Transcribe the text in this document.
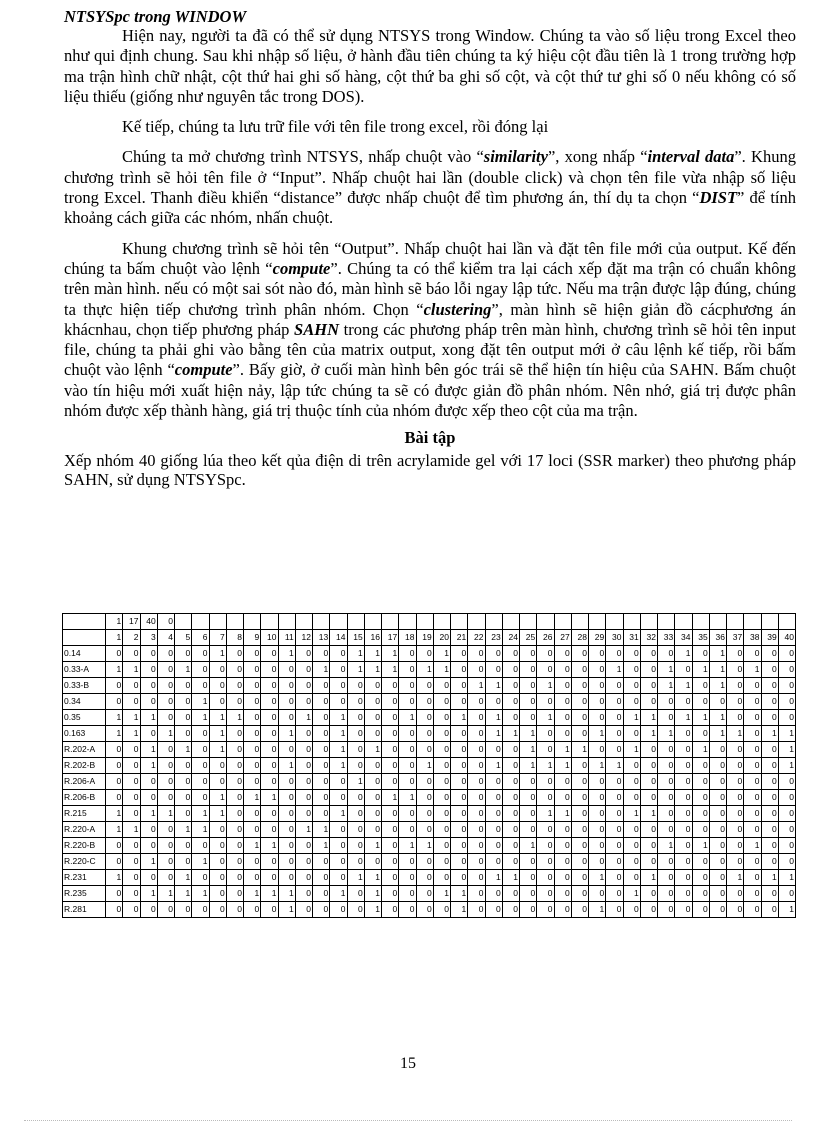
NTSYSpc trong WINDOW

Hiện nay, người ta đã có thể sử dụng NTSYS trong Window. Chúng ta vào số liệu trong Excel theo như qui định chung. Sau khi nhập số liệu, ở hành đầu tiên chúng ta ký hiệu cột đầu tiên là 1 trong trường hợp ma trận hình chữ nhật, cột thứ hai ghi số hàng, cột thứ ba ghi số cột, và cột thứ tư ghi số 0 nếu không có số liệu thiếu (giống như nguyên tắc trong DOS).

Kế tiếp, chúng ta lưu trữ file với tên file trong excel, rồi đóng lại

Chúng ta mở chương trình NTSYS, nhấp chuột vào “similarity”, xong nhấp “interval data”. Khung chương trình sẽ hỏi tên file ở “Input”. Nhấp chuột hai lần (double click) và chọn tên file vừa nhập số liệu trong Excel. Thanh điều khiển “distance” được nhấp chuột để tìm phương án, thí dụ ta chọn “DIST” để tính khoảng cách giữa các nhóm, nhấn chuột.

Khung chương trình sẽ hỏi tên “Output”. Nhấp chuột hai lần và đặt tên file mới của output. Kế đến chúng ta bấm chuột vào lệnh “compute”. Chúng ta có thể kiểm tra lại cách xếp đặt ma trận có chuẩn không trên màn hình. nếu có một sai sót nào đó, màn hình sẽ báo lỗi ngay lập tức. Nếu ma trận được lập đúng, chúng ta thực hiện tiếp chương trình phân nhóm. Chọn “clustering”, màn hình sẽ hiện giản đồ cácphương án khácnhau, chọn tiếp phương pháp SAHN trong các phương pháp trên màn hình, chương trình sẽ hỏi tên input file, chúng ta phải ghi vào bằng tên của matrix output, xong đặt tên output mới ở câu lệnh kế tiếp, rồi bấm chuột vào lệnh “compute”. Bấy giờ, ở cuối màn hình bên góc trái sẽ thể hiện tín hiệu của SAHN. Bấm chuột vào tín hiệu mới xuất hiện nảy, lập tức chúng ta sẽ có được giản đồ phân nhóm. Nên nhớ, giá trị được phân nhóm được xếp thành hàng, giá trị thuộc tính của nhóm được xếp theo cột của ma trận.

Bài tập

Xếp nhóm 40 giống lúa theo kết qủa điện di trên acrylamide gel với 17 loci (SSR marker) theo phương pháp SAHN, sử dụng NTSYSpc.

	1	17	40	0																																				
	1	2	3	4	5	6	7	8	9	10	11	12	13	14	15	16	17	18	19	20	21	22	23	24	25	26	27	28	29	30	31	32	33	34	35	36	37	38	39	40
0.14	0	0	0	0	0	0	1	0	0	0	1	0	0	0	1	1	1	0	0	1	0	0	0	0	0	0	0	0	0	0	0	0	0	1	0	1	0	0	0	0
0.33-A	1	1	0	0	1	0	0	0	0	0	0	0	1	0	1	1	1	0	1	1	0	0	0	0	0	0	0	0	0	1	0	0	1	0	1	1	0	1	0	0
0.33-B	0	0	0	0	0	0	0	0	0	0	0	0	0	0	0	0	0	0	0	0	0	1	1	0	0	1	0	0	0	0	0	0	1	1	0	1	0	0	0	0
0.34	0	0	0	0	0	1	0	0	0	0	0	0	0	0	0	0	0	0	0	0	0	0	0	0	0	0	0	0	0	0	0	0	0	0	0	0	0	0	0	0
0.35	1	1	1	0	0	1	1	1	0	0	0	1	0	1	0	0	0	1	0	0	1	0	1	0	0	1	0	0	0	0	1	1	0	1	1	1	0	0	0	0
0.163	1	1	0	1	0	0	1	0	0	0	1	0	0	1	0	0	0	0	0	0	0	0	1	1	1	0	0	0	1	0	0	1	1	0	0	1	1	0	1	1
R.202-A	0	0	1	0	1	0	1	0	0	0	0	0	0	1	0	1	0	0	0	0	0	0	0	0	1	0	1	1	0	0	1	0	0	0	1	0	0	0	0	1
R.202-B	0	0	1	0	0	0	0	0	0	0	1	0	0	1	0	0	0	0	1	0	0	0	1	0	1	1	1	0	1	1	0	0	0	0	0	0	0	0	0	1
R.206-A	0	0	0	0	0	0	0	0	0	0	0	0	0	0	1	0	0	0	0	0	0	0	0	0	0	0	0	0	0	0	0	0	0	0	0	0	0	0	0	0
R.206-B	0	0	0	0	0	0	1	0	1	1	0	0	0	0	0	0	1	1	0	0	0	0	0	0	0	0	0	0	0	0	0	0	0	0	0	0	0	0	0	0
R.215	1	0	1	1	0	1	1	0	0	0	0	0	0	1	0	0	0	0	0	0	0	0	0	0	0	1	1	0	0	0	1	1	0	0	0	0	0	0	0	0
R.220-A	1	1	0	0	1	1	0	0	0	0	0	1	1	0	0	0	0	0	0	0	0	0	0	0	0	0	0	0	0	0	0	0	0	0	0	0	0	0	0	0
R.220-B	0	0	0	0	0	0	0	0	1	1	0	0	1	0	0	1	0	1	1	0	0	0	0	0	1	0	0	0	0	0	0	0	1	0	1	0	0	1	0	0
R.220-C	0	0	1	0	0	1	0	0	0	0	0	0	0	0	0	0	0	0	0	0	0	0	0	0	0	0	0	0	0	0	0	0	0	0	0	0	0	0	0	0
R.231	1	0	0	0	1	0	0	0	0	0	0	0	0	0	1	1	0	0	0	0	0	0	1	1	0	0	0	0	1	0	0	1	0	0	0	0	1	0	1	1
R.235	0	0	1	1	1	1	0	0	1	1	1	0	0	1	0	1	0	0	0	1	1	0	0	0	0	0	0	0	0	0	1	0	0	0	0	0	0	0	0	0
R.281	0	0	0	0	0	0	0	0	0	0	1	0	0	0	0	1	0	0	0	0	1	0	0	0	0	0	0	0	1	0	0	0	0	0	0	0	0	0	0	1
15
